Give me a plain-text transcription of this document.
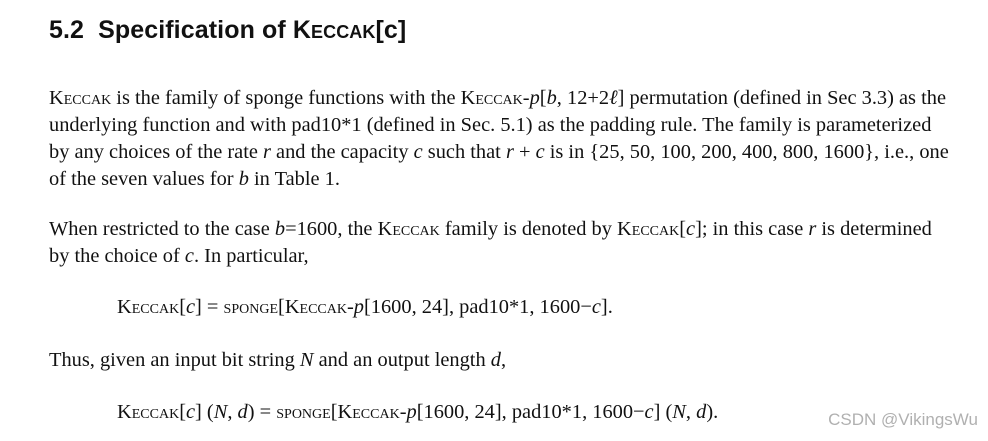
5.2 Specification of Keccak[c]

Keccak is the family of sponge functions with the Keccak-p[b, 12+2ℓ] permutation (defined in Sec 3.3) as the underlying function and with pad10*1 (defined in Sec. 5.1) as the padding rule. The family is parameterized by any choices of the rate r and the capacity c such that r + c is in {25, 50, 100, 200, 400, 800, 1600}, i.e., one of the seven values for b in Table 1.

When restricted to the case b=1600, the Keccak family is denoted by Keccak[c]; in this case r is determined by the choice of c. In particular,

Keccak[c] = sponge[Keccak-p[1600, 24], pad10*1, 1600−c].

Thus, given an input bit string N and an output length d,

Keccak[c] (N, d) = sponge[Keccak-p[1600, 24], pad10*1, 1600−c] (N, d).	CSDN @VikingsWu
